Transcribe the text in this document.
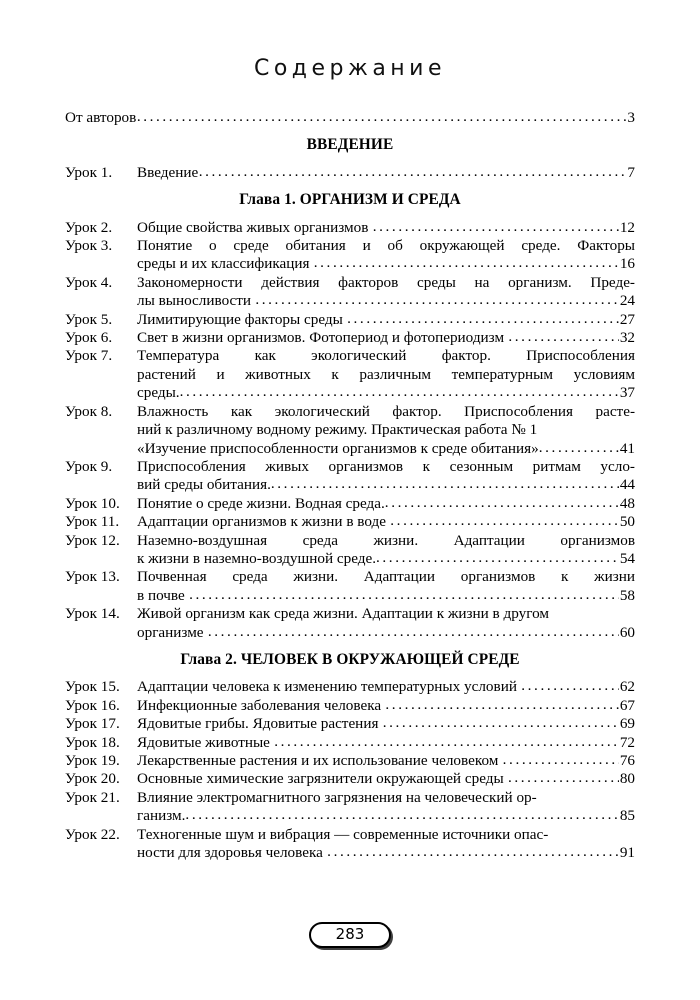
Содержание
От авторов .....	3
ВВЕДЕНИЕ
Урок 1.	Введение .....	7
Глава 1. ОРГАНИЗМ И СРЕДА
Урок 2.	Общие свойства живых организмов .....	12
Урок 3.	Понятие о среде обитания и об окружающей среде. Факторы
среды и их классификация .....	16
Урок 4.	Закономерности действия факторов среды на организм. Преде-
лы выносливости .....	24
Урок 5.	Лимитирующие факторы среды .....	27
Урок 6.	Свет в жизни организмов. Фотопериод и фотопериодизм .....	32
Урок 7.	Температура как экологический фактор. Приспособления
растений и животных к различным температурным условиям
среды. .....	37
Урок 8.	Влажность как экологический фактор. Приспособления расте-
ний к различному водному режиму. Практическая работа № 1
«Изучение приспособленности организмов к среде обитания» .....	41
Урок 9.	Приспособления живых организмов к сезонным ритмам усло-
вий среды обитания. .....	44
Урок 10.	Понятие о среде жизни. Водная среда. .....	48
Урок 11.	Адаптации организмов к жизни в воде .....	50
Урок 12.	Наземно-воздушная среда жизни. Адаптации организмов
к жизни в наземно-воздушной среде. .....	54
Урок 13.	Почвенная среда жизни. Адаптации организмов к жизни
в почве .....	58
Урок 14.	Живой организм как среда жизни. Адаптации к жизни в другом
организме .....	60
Глава 2. ЧЕЛОВЕК В ОКРУЖАЮЩЕЙ СРЕДЕ
Урок 15.	Адаптации человека к изменению температурных условий .....	62
Урок 16.	Инфекционные заболевания человека .....	67
Урок 17.	Ядовитые грибы. Ядовитые растения .....	69
Урок 18.	Ядовитые животные .....	72
Урок 19.	Лекарственные растения и их использование человеком .....	76
Урок 20.	Основные химические загрязнители окружающей среды .....	80
Урок 21.	Влияние электромагнитного загрязнения на человеческий ор-
ганизм. .....	85
Урок 22.	Техногенные шум и вибрация — современные источники опас-
ности для здоровья человека .....	91
283
